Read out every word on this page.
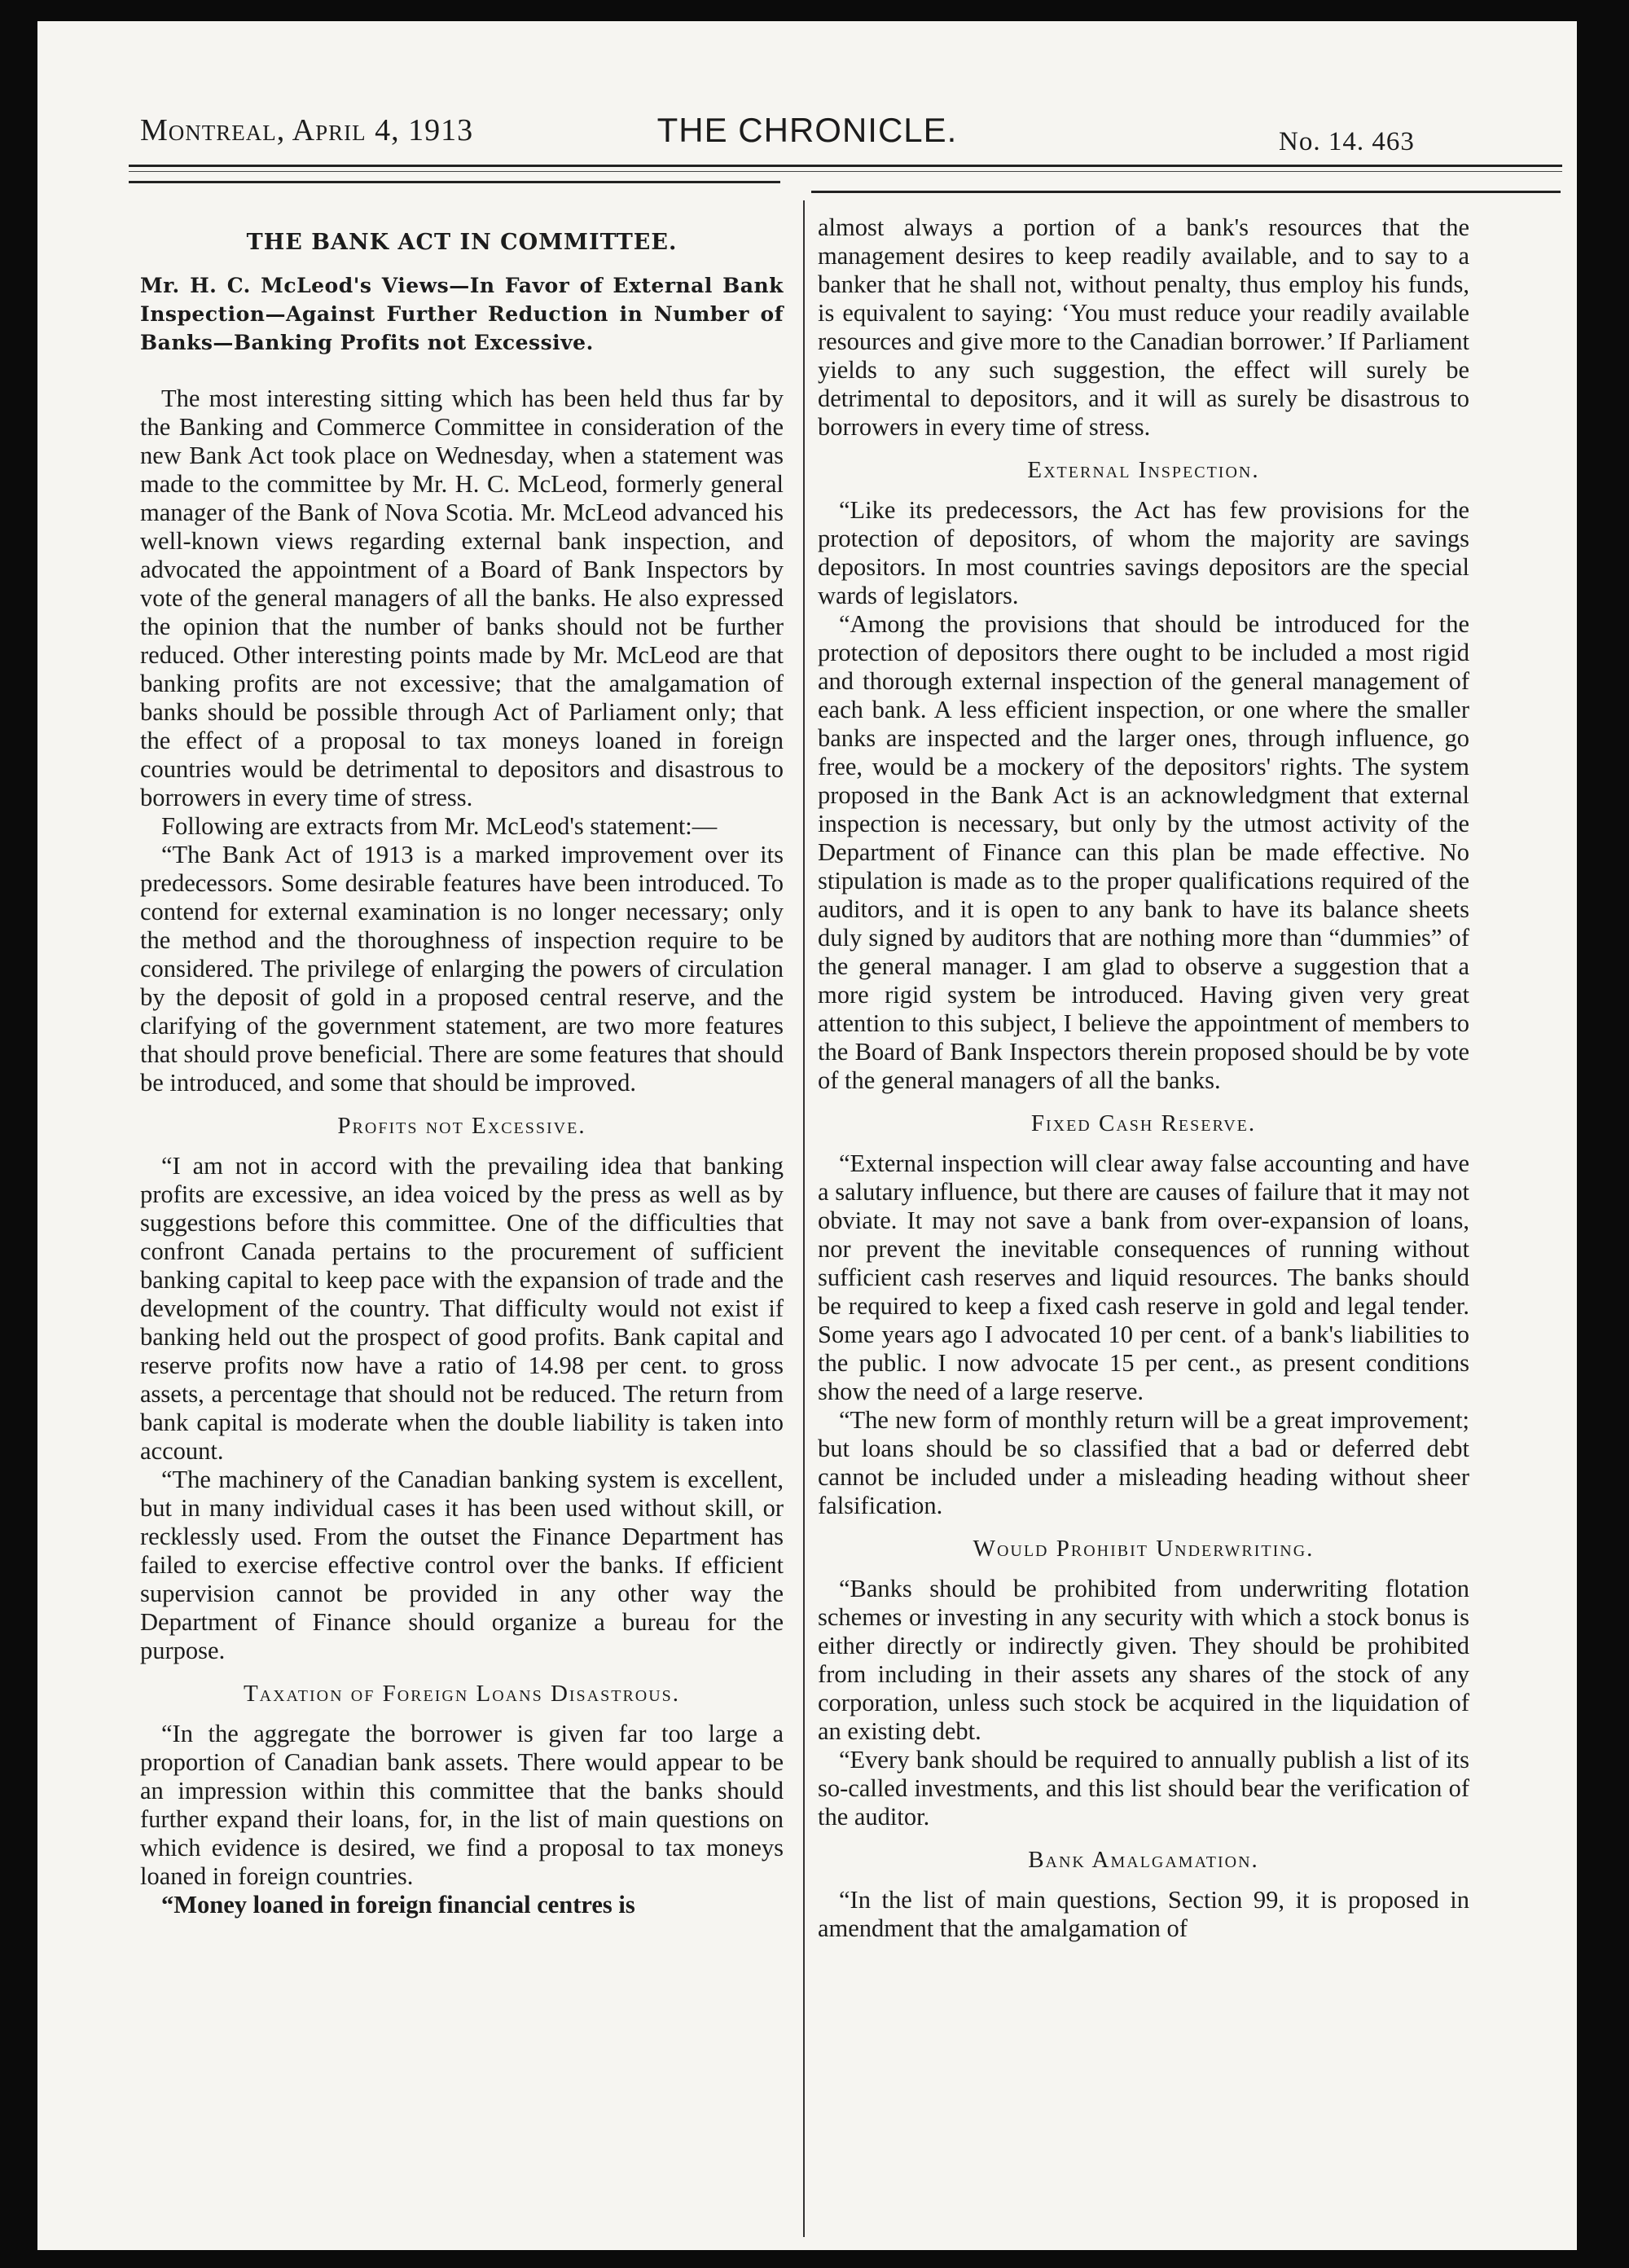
Montreal, April 4, 1913	THE CHRONICLE.	No. 14. 463
THE BANK ACT IN COMMITTEE.
Mr. H. C. McLeod's Views—In Favor of External Bank Inspection—Against Further Reduction in Number of Banks—Banking Profits not Excessive.

The most interesting sitting which has been held thus far by the Banking and Commerce Committee in consideration of the new Bank Act took place on Wednesday, when a statement was made to the committee by Mr. H. C. McLeod, formerly general manager of the Bank of Nova Scotia. Mr. McLeod advanced his well-known views regarding external bank inspection, and advocated the appointment of a Board of Bank Inspectors by vote of the general managers of all the banks. He also expressed the opinion that the number of banks should not be further reduced. Other interesting points made by Mr. McLeod are that banking profits are not excessive; that the amalgamation of banks should be possible through Act of Parliament only; that the effect of a proposal to tax moneys loaned in foreign countries would be detrimental to depositors and disastrous to borrowers in every time of stress.

Following are extracts from Mr. McLeod's statement:—

“The Bank Act of 1913 is a marked improvement over its predecessors. Some desirable features have been introduced. To contend for external examination is no longer necessary; only the method and the thoroughness of inspection require to be considered. The privilege of enlarging the powers of circulation by the deposit of gold in a proposed central reserve, and the clarifying of the government statement, are two more features that should prove beneficial. There are some features that should be introduced, and some that should be improved.

Profits not Excessive.

“I am not in accord with the prevailing idea that banking profits are excessive, an idea voiced by the press as well as by suggestions before this committee. One of the difficulties that confront Canada pertains to the procurement of sufficient banking capital to keep pace with the expansion of trade and the development of the country. That difficulty would not exist if banking held out the prospect of good profits. Bank capital and reserve profits now have a ratio of 14.98 per cent. to gross assets, a percentage that should not be reduced. The return from bank capital is moderate when the double liability is taken into account.

“The machinery of the Canadian banking system is excellent, but in many individual cases it has been used without skill, or recklessly used. From the outset the Finance Department has failed to exercise effective control over the banks. If efficient supervision cannot be provided in any other way the Department of Finance should organize a bureau for the purpose.

Taxation of Foreign Loans Disastrous.

“In the aggregate the borrower is given far too large a proportion of Canadian bank assets. There would appear to be an impression within this committee that the banks should further expand their loans, for, in the list of main questions on which evidence is desired, we find a proposal to tax moneys loaned in foreign countries.

“Money loaned in foreign financial centres is

almost always a portion of a bank's resources that the management desires to keep readily available, and to say to a banker that he shall not, without penalty, thus employ his funds, is equivalent to saying: ‘You must reduce your readily available resources and give more to the Canadian borrower.’ If Parliament yields to any such suggestion, the effect will surely be detrimental to depositors, and it will as surely be disastrous to borrowers in every time of stress.

External Inspection.

“Like its predecessors, the Act has few provisions for the protection of depositors, of whom the majority are savings depositors. In most countries savings depositors are the special wards of legislators.

“Among the provisions that should be introduced for the protection of depositors there ought to be included a most rigid and thorough external inspection of the general management of each bank. A less efficient inspection, or one where the smaller banks are inspected and the larger ones, through influence, go free, would be a mockery of the depositors' rights. The system proposed in the Bank Act is an acknowledgment that external inspection is necessary, but only by the utmost activity of the Department of Finance can this plan be made effective. No stipulation is made as to the proper qualifications required of the auditors, and it is open to any bank to have its balance sheets duly signed by auditors that are nothing more than “dummies” of the general manager. I am glad to observe a suggestion that a more rigid system be introduced. Having given very great attention to this subject, I believe the appointment of members to the Board of Bank Inspectors therein proposed should be by vote of the general managers of all the banks.

Fixed Cash Reserve.

“External inspection will clear away false accounting and have a salutary influence, but there are causes of failure that it may not obviate. It may not save a bank from over-expansion of loans, nor prevent the inevitable consequences of running without sufficient cash reserves and liquid resources. The banks should be required to keep a fixed cash reserve in gold and legal tender. Some years ago I advocated 10 per cent. of a bank's liabilities to the public. I now advocate 15 per cent., as present conditions show the need of a large reserve.

“The new form of monthly return will be a great improvement; but loans should be so classified that a bad or deferred debt cannot be included under a misleading heading without sheer falsification.

Would Prohibit Underwriting.

“Banks should be prohibited from underwriting flotation schemes or investing in any security with which a stock bonus is either directly or indirectly given. They should be prohibited from including in their assets any shares of the stock of any corporation, unless such stock be acquired in the liquidation of an existing debt.

“Every bank should be required to annually publish a list of its so-called investments, and this list should bear the verification of the auditor.

Bank Amalgamation.

“In the list of main questions, Section 99, it is proposed in amendment that the amalgamation of
